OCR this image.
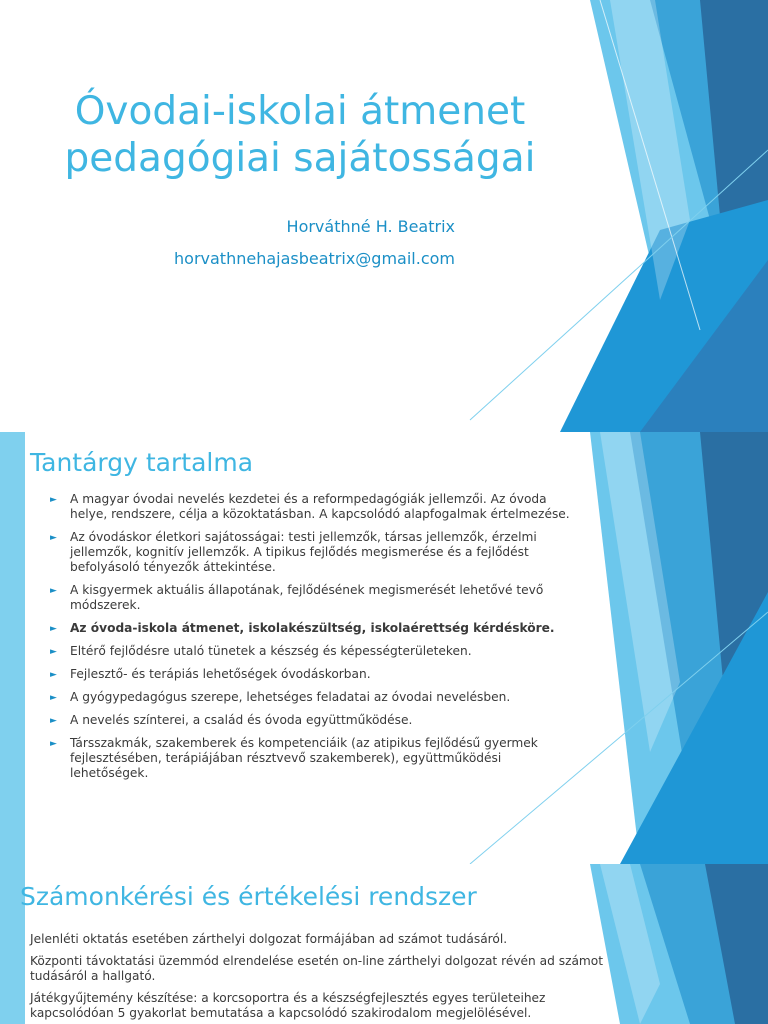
Óvodai-iskolai átmenet
pedagógiai sajátosságai
Horváthné H. Beatrix
horvathnehajasbeatrix@gmail.com
Tantárgy tartalma
► A magyar óvodai nevelés kezdetei és a reformpedagógiák jellemzői. Az óvoda helye, rendszere, célja a közoktatásban. A kapcsolódó alapfogalmak értelmezése.
► Az óvodáskor életkori sajátosságai: testi jellemzők, társas jellemzők, érzelmi jellemzők, kognitív jellemzők. A tipikus fejlődés megismerése és a fejlődést befolyásoló tényezők áttekintése.
► A kisgyermek aktuális állapotának, fejlődésének megismerését lehetővé tevő módszerek.
► Az óvoda-iskola átmenet, iskolakészültség, iskolaérettség kérdésköre.
► Eltérő fejlődésre utaló tünetek a készség és képességterületeken.
► Fejlesztő- és terápiás lehetőségek óvodáskorban.
► A gyógypedagógus szerepe, lehetséges feladatai az óvodai nevelésben.
► A nevelés színterei, a család és óvoda együttműködése.
► Társszakmák, szakemberek és kompetenciáik (az atipikus fejlődésű gyermek fejlesztésében, terápiájában résztvevő szakemberek), együttműködési lehetőségek.
Számonkérési és értékelési rendszer

Jelenléti oktatás esetében zárthelyi dolgozat formájában ad számot tudásáról.

Központi távoktatási üzemmód elrendelése esetén on-line zárthelyi dolgozat révén ad számot tudásáról a hallgató.

Játékgyűjtemény készítése: a korcsoportra és a készségfejlesztés egyes területeihez kapcsolódóan 5 gyakorlat bemutatása a kapcsolódó szakirodalom megjelölésével.
